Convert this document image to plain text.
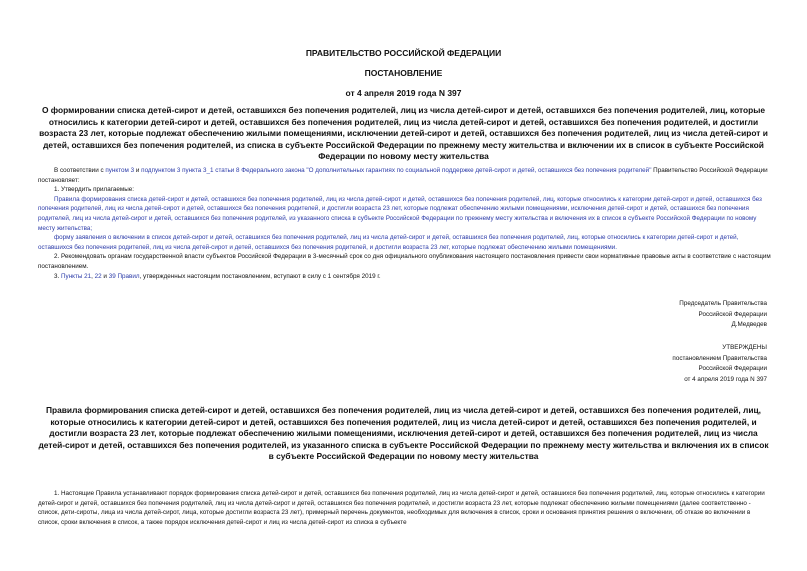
ПРАВИТЕЛЬСТВО РОССИЙСКОЙ ФЕДЕРАЦИИ
ПОСТАНОВЛЕНИЕ
от 4 апреля 2019 года N 397
О формировании списка детей-сирот и детей, оставшихся без попечения родителей, лиц из числа детей-сирот и детей, оставшихся без попечения родителей, лиц, которые относились к категории детей-сирот и детей, оставшихся без попечения родителей, лиц из числа детей-сирот и детей, оставшихся без попечения родителей, и достигли возраста 23 лет, которые подлежат обеспечению жилыми помещениями, исключении детей-сирот и детей, оставшихся без попечения родителей, лиц из числа детей-сирот и детей, оставшихся без попечения родителей, из списка в субъекте Российской Федерации по прежнему месту жительства и включении их в список в субъекте Российской Федерации по новому месту жительства

В соответствии с пунктом 3 и подпунктом 3 пункта 3_1 статьи 8 Федерального закона "О дополнительных гарантиях по социальной поддержке детей-сирот и детей, оставшихся без попечения родителей" Правительство Российской Федерации

постановляет:

1. Утвердить прилагаемые:

Правила формирования списка детей-сирот и детей, оставшихся без попечения родителей, лиц из числа детей-сирот и детей, оставшихся без попечения родителей, лиц, которые относились к категории детей-сирот и детей, оставшихся без попечения родителей, лиц из числа детей-сирот и детей, оставшихся без попечения родителей, и достигли возраста 23 лет, которые подлежат обеспечению жилыми помещениями, исключения детей-сирот и детей, оставшихся без попечения родителей, лиц из числа детей-сирот и детей, оставшихся без попечения родителей, из указанного списка в субъекте Российской Федерации по прежнему месту жительства и включения их в список в субъекте Российской Федерации по новому месту жительства;

форму заявления о включении в список детей-сирот и детей, оставшихся без попечения родителей, лиц из числа детей-сирот и детей, оставшихся без попечения родителей, лиц, которые относились к категории детей-сирот и детей, оставшихся без попечения родителей, лиц из числа детей-сирот и детей, оставшихся без попечения родителей, и достигли возраста 23 лет, которые подлежат обеспечению жилыми помещениями.

2. Рекомендовать органам государственной власти субъектов Российской Федерации в 3-месячный срок со дня официального опубликования настоящего постановления привести свои нормативные правовые акты в соответствие с настоящим постановлением.

3. Пункты 21, 22 и 39 Правил, утвержденных настоящим постановлением, вступают в силу с 1 сентября 2019 г.

Председатель Правительства
Российской Федерации
Д.Медведев
УТВЕРЖДЕНЫ
постановлением Правительства
Российской Федерации
от 4 апреля 2019 года N 397
Правила формирования списка детей-сирот и детей, оставшихся без попечения родителей, лиц из числа детей-сирот и детей, оставшихся без попечения родителей, лиц, которые относились к категории детей-сирот и детей, оставшихся без попечения родителей, лиц из числа детей-сирот и детей, оставшихся без попечения родителей, и достигли возраста 23 лет, которые подлежат обеспечению жилыми помещениями, исключения детей-сирот и детей, оставшихся без попечения родителей, лиц из числа детей-сирот и детей, оставшихся без попечения родителей, из указанного списка в субъекте Российской Федерации по прежнему месту жительства и включения их в список в субъекте Российской Федерации по новому месту жительства

1. Настоящие Правила устанавливают порядок формирования списка детей-сирот и детей, оставшихся без попечения родителей, лиц из числа детей-сирот и детей, оставшихся без попечения родителей, лиц, которые относились к категории детей-сирот и детей, оставшихся без попечения родителей, лиц из числа детей-сирот и детей, оставшихся без попечения родителей, и достигли возраста 23 лет, которые подлежат обеспечению жилыми помещениями (далее соответственно - список, дети-сироты, лица из числа детей-сирот, лица, которые достигли возраста 23 лет), примерный перечень документов, необходимых для включения в список, сроки и основания принятия решения о включении, об отказе во включении в список, сроки включения в список, а также порядок исключения детей-сирот и лиц из числа детей-сирот из списка в субъекте
